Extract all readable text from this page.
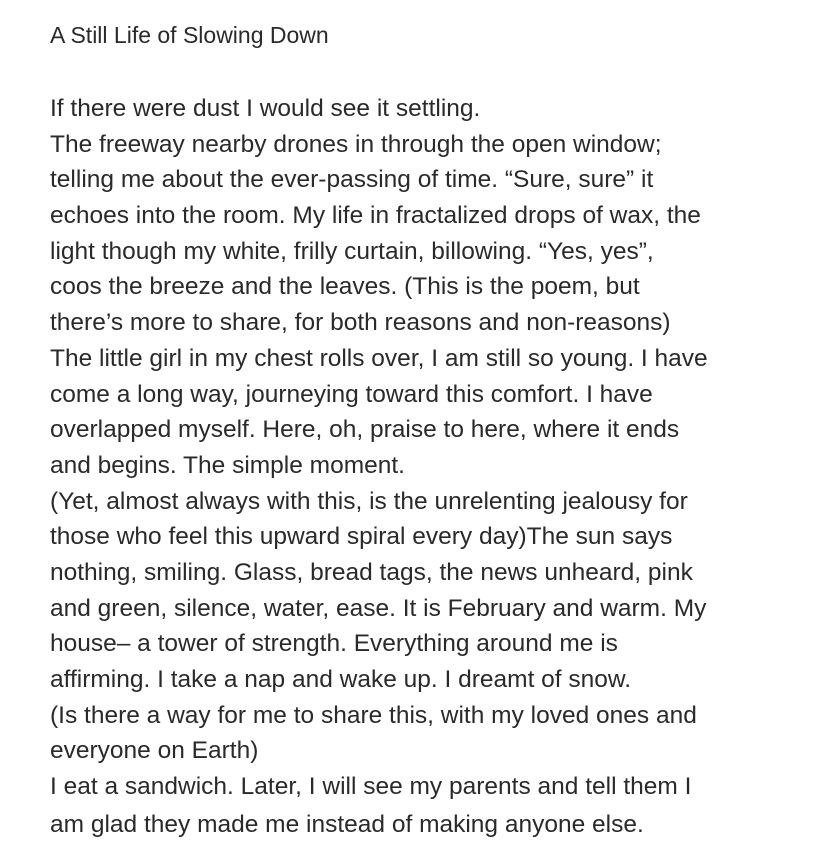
A Still Life of Slowing Down
If there were dust I would see it settling.
The freeway nearby drones in through the open window;
telling me about the ever-passing of time. “Sure, sure” it
echoes into the room. My life in fractalized drops of wax, the
light though my white, frilly curtain, billowing. “Yes, yes”,
coos the breeze and the leaves. (This is the poem, but
there’s more to share, for both reasons and non-reasons)
The little girl in my chest rolls over, I am still so young. I have
come a long way, journeying toward this comfort. I have
overlapped myself. Here, oh, praise to here, where it ends
and begins. The simple moment.
(Yet, almost always with this, is the unrelenting jealousy for
those who feel this upward spiral every day)The sun says
nothing, smiling. Glass, bread tags, the news unheard, pink
and green, silence, water, ease. It is February and warm. My
house– a tower of strength. Everything around me is
affirming. I take a nap and wake up. I dreamt of snow.
(Is there a way for me to share this, with my loved ones and
everyone on Earth)
I eat a sandwich. Later, I will see my parents and tell them I
am glad they made me instead of making anyone else.
